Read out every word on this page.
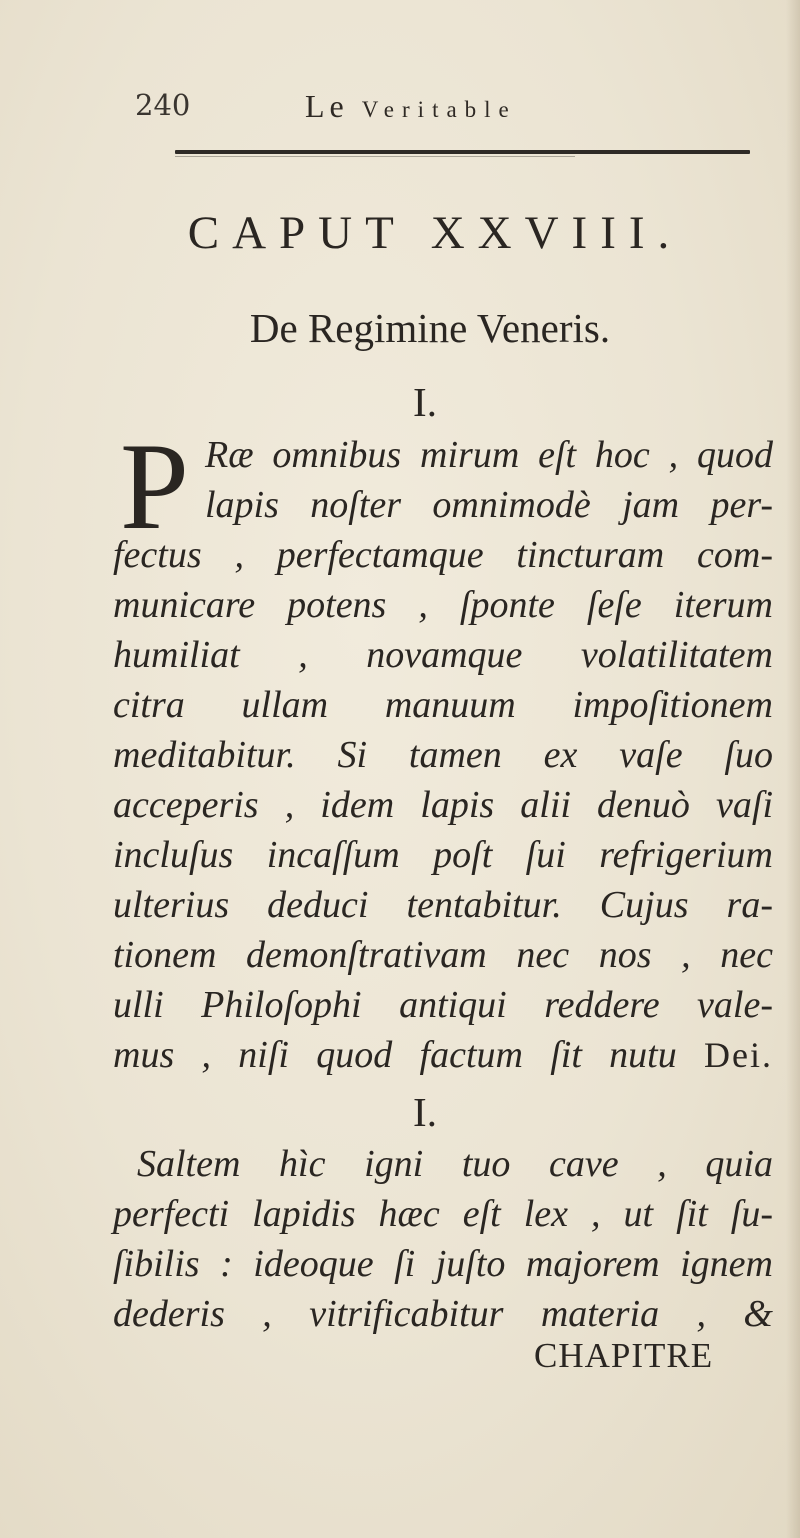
240	Le Veritable
CAPUT XXVIII.
De Regimine Veneris.
I.
P Ræ omnibus mirum eſt hoc , quod
lapis noſter omnimodè jam per-
fectus , perfectamque tincturam com-
municare potens , ſponte ſeſe iterum
humiliat , novamque volatilitatem
citra ullam manuum impoſitionem
meditabitur. Si tamen ex vaſe ſuo
acceperis , idem lapis alii denuò vaſi
incluſus incaſſum poſt ſui refrigerium
ulterius deduci tentabitur. Cujus ra-
tionem demonſtrativam nec nos , nec
ulli Philoſophi antiqui reddere vale-
mus , niſi quod factum ſit nutu Dei.
I.
Saltem hìc igni tuo cave , quia
perfecti lapidis hæc eſt lex , ut ſit ſu-
ſibilis : ideoque ſi juſto majorem ignem
dederis , vitrificabitur materia , &
CHAPITRE
